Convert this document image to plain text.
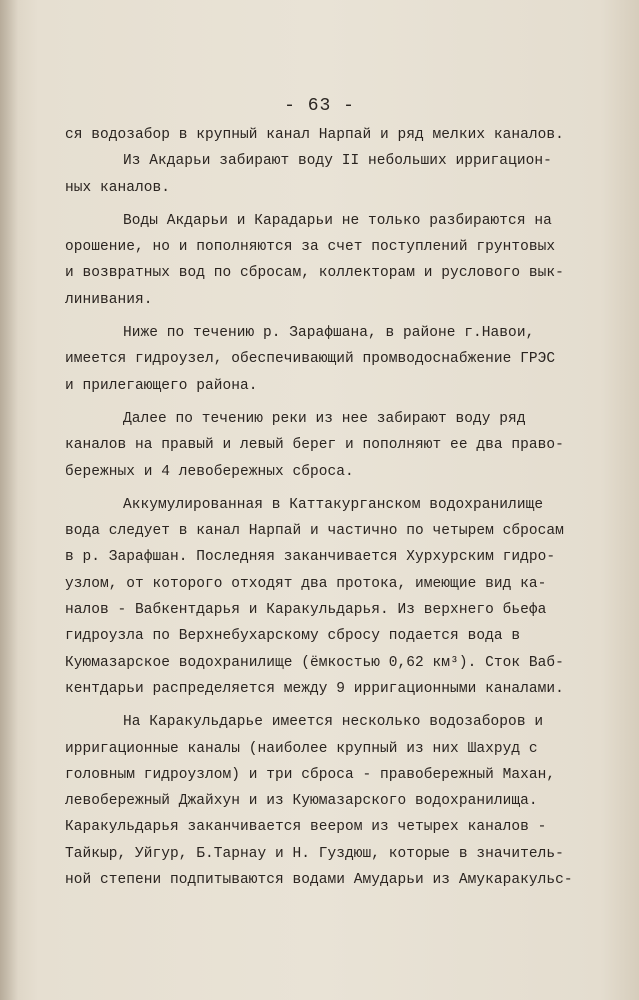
- 63 -
ся водозабор в крупный канал Нарпай и ряд мелких каналов.
Из Акдарьи забирают воду II небольших ирригацион-
ных каналов.
Воды Акдарьи и Карадарьи не только разбираются на
орошение, но и пополняются за счет поступлений грунтовых
и возвратных вод по сбросам, коллекторам и руслового вык-
линивания.
Ниже по течению р. Зарафшана, в районе г.Навои,
имеется гидроузел, обеспечивающий промводоснабжение ГРЭС
и прилегающего района.
Далее по течению реки из нее забирают воду ряд
каналов на правый и левый берег и пополняют ее два право-
бережных и 4 левобережных сброса.
Аккумулированная в Каттакурганском водохранилище
вода следует в канал Нарпай и частично по четырем сбросам
в р. Зарафшан. Последняя заканчивается Хурхурским гидро-
узлом, от которого отходят два протока, имеющие вид ка-
налов - Вабкентдарья и Каракульдарья. Из верхнего бьефа
гидроузла по Верхнебухарскому сбросу подается вода в
Куюмазарское водохранилище (ёмкостью 0,62 км³). Сток Ваб-
кентдарьи распределяется между 9 ирригационными каналами.
На Каракульдарье имеется несколько водозаборов и
ирригационные каналы (наиболее крупный из них Шахруд с
головным гидроузлом) и три сброса - правобережный Махан,
левобережный Джайхун и из Куюмазарского водохранилища.
Каракульдарья заканчивается веером из четырех каналов -
Тайкыр, Уйгур, Б.Тарнау и Н. Гуздюш, которые в значитель-
ной степени подпитываются водами Амударьи из Амукаракульс-
